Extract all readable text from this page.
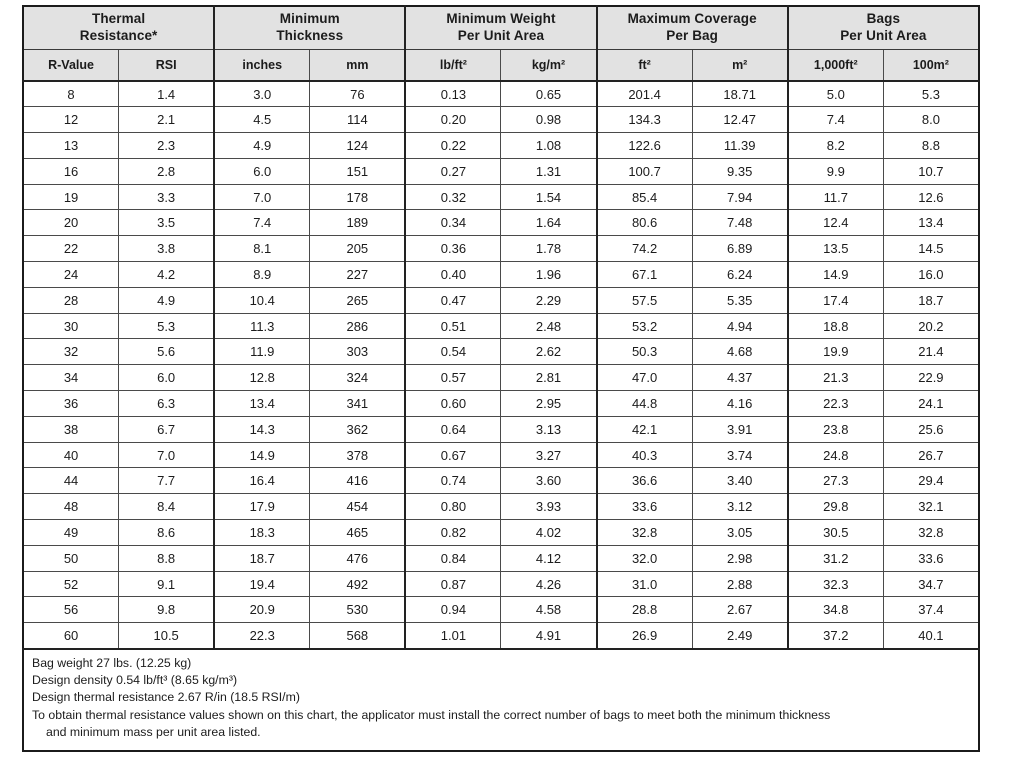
Thermal
Resistance*

Minimum
Thickness

Minimum Weight
Per Unit Area

Maximum Coverage
Per Bag

Bags
Per Unit Area

R-Value	RSI	inches	mm	lb/ft²	kg/m²	ft²	m²	1,000ft²	100m²
8	1.4	3.0	76	0.13	0.65	201.4	18.71	5.0	5.3
12	2.1	4.5	114	0.20	0.98	134.3	12.47	7.4	8.0
13	2.3	4.9	124	0.22	1.08	122.6	11.39	8.2	8.8
16	2.8	6.0	151	0.27	1.31	100.7	9.35	9.9	10.7
19	3.3	7.0	178	0.32	1.54	85.4	7.94	11.7	12.6
20	3.5	7.4	189	0.34	1.64	80.6	7.48	12.4	13.4
22	3.8	8.1	205	0.36	1.78	74.2	6.89	13.5	14.5
24	4.2	8.9	227	0.40	1.96	67.1	6.24	14.9	16.0
28	4.9	10.4	265	0.47	2.29	57.5	5.35	17.4	18.7
30	5.3	11.3	286	0.51	2.48	53.2	4.94	18.8	20.2
32	5.6	11.9	303	0.54	2.62	50.3	4.68	19.9	21.4
34	6.0	12.8	324	0.57	2.81	47.0	4.37	21.3	22.9
36	6.3	13.4	341	0.60	2.95	44.8	4.16	22.3	24.1
38	6.7	14.3	362	0.64	3.13	42.1	3.91	23.8	25.6
40	7.0	14.9	378	0.67	3.27	40.3	3.74	24.8	26.7
44	7.7	16.4	416	0.74	3.60	36.6	3.40	27.3	29.4
48	8.4	17.9	454	0.80	3.93	33.6	3.12	29.8	32.1
49	8.6	18.3	465	0.82	4.02	32.8	3.05	30.5	32.8
50	8.8	18.7	476	0.84	4.12	32.0	2.98	31.2	33.6
52	9.1	19.4	492	0.87	4.26	31.0	2.88	32.3	34.7
56	9.8	20.9	530	0.94	4.58	28.8	2.67	34.8	37.4
60	10.5	22.3	568	1.01	4.91	26.9	2.49	37.2	40.1

Bag weight 27 lbs. (12.25 kg)
Design density 0.54 lb/ft³ (8.65 kg/m³)
Design thermal resistance 2.67 R/in (18.5 RSI/m)
To obtain thermal resistance values shown on this chart, the applicator must install the correct number of bags to meet both the minimum thickness
and minimum mass per unit area listed.									
